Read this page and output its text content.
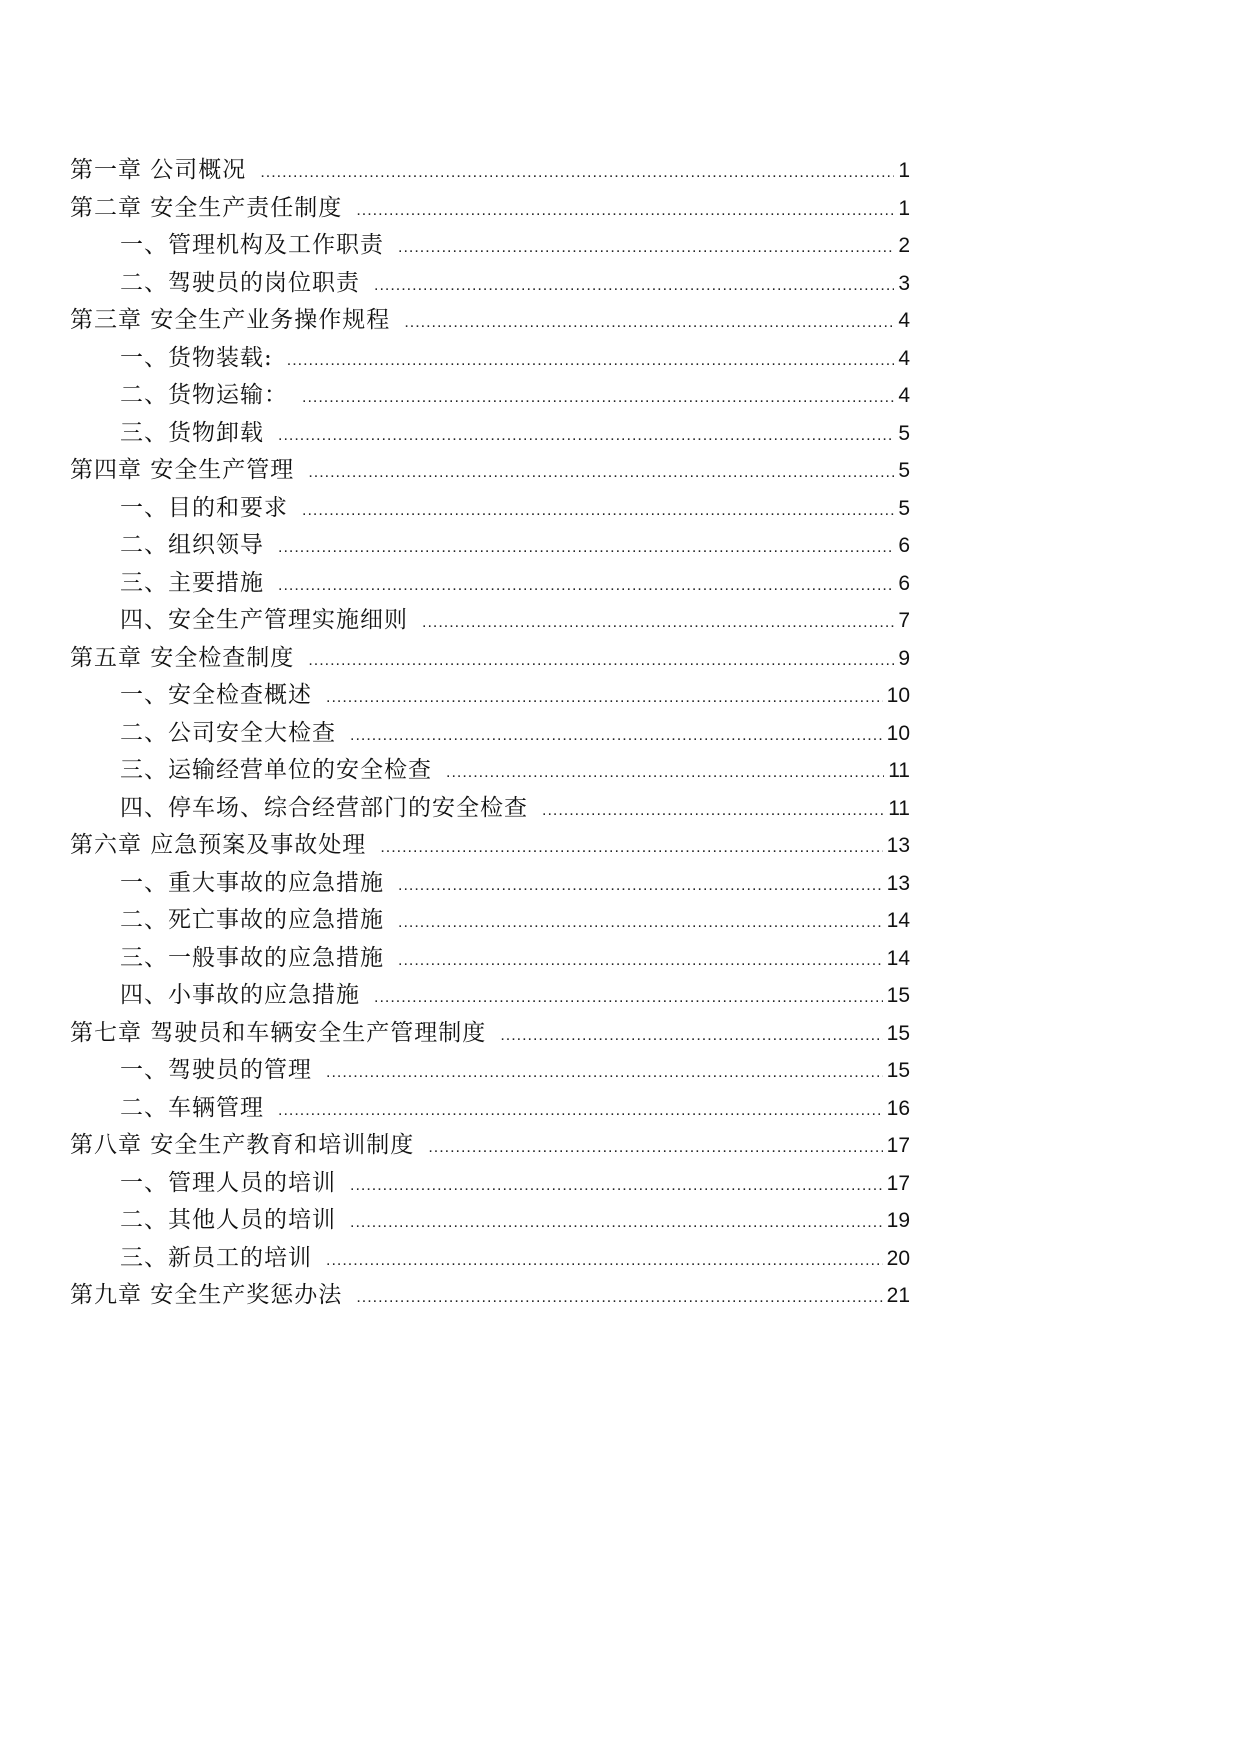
第一章 公司概况 .....	1
第二章 安全生产责任制度 .....	1
一、管理机构及工作职责 .....	2
二、驾驶员的岗位职责 .....	3
第三章 安全生产业务操作规程 .....	4
一、货物装载: .....	4
二、货物运输： .....	4
三、货物卸载 .....	5
第四章 安全生产管理 .....	5
一、目的和要求 .....	5
二、组织领导 .....	6
三、主要措施 .....	6
四、安全生产管理实施细则 .....	7
第五章 安全检查制度 .....	9
一、安全检查概述 .....	10
二、公司安全大检查 .....	10
三、运输经营单位的安全检查 .....	11
四、停车场、综合经营部门的安全检查 .....	11
第六章 应急预案及事故处理 .....	13
一、重大事故的应急措施 .....	13
二、死亡事故的应急措施 .....	14
三、一般事故的应急措施 .....	14
四、小事故的应急措施 .....	15
第七章 驾驶员和车辆安全生产管理制度 .....	15
一、驾驶员的管理 .....	15
二、车辆管理 .....	16
第八章 安全生产教育和培训制度 .....	17
一、管理人员的培训 .....	17
二、其他人员的培训 .....	19
三、新员工的培训 .....	20
第九章 安全生产奖惩办法 .....	21
